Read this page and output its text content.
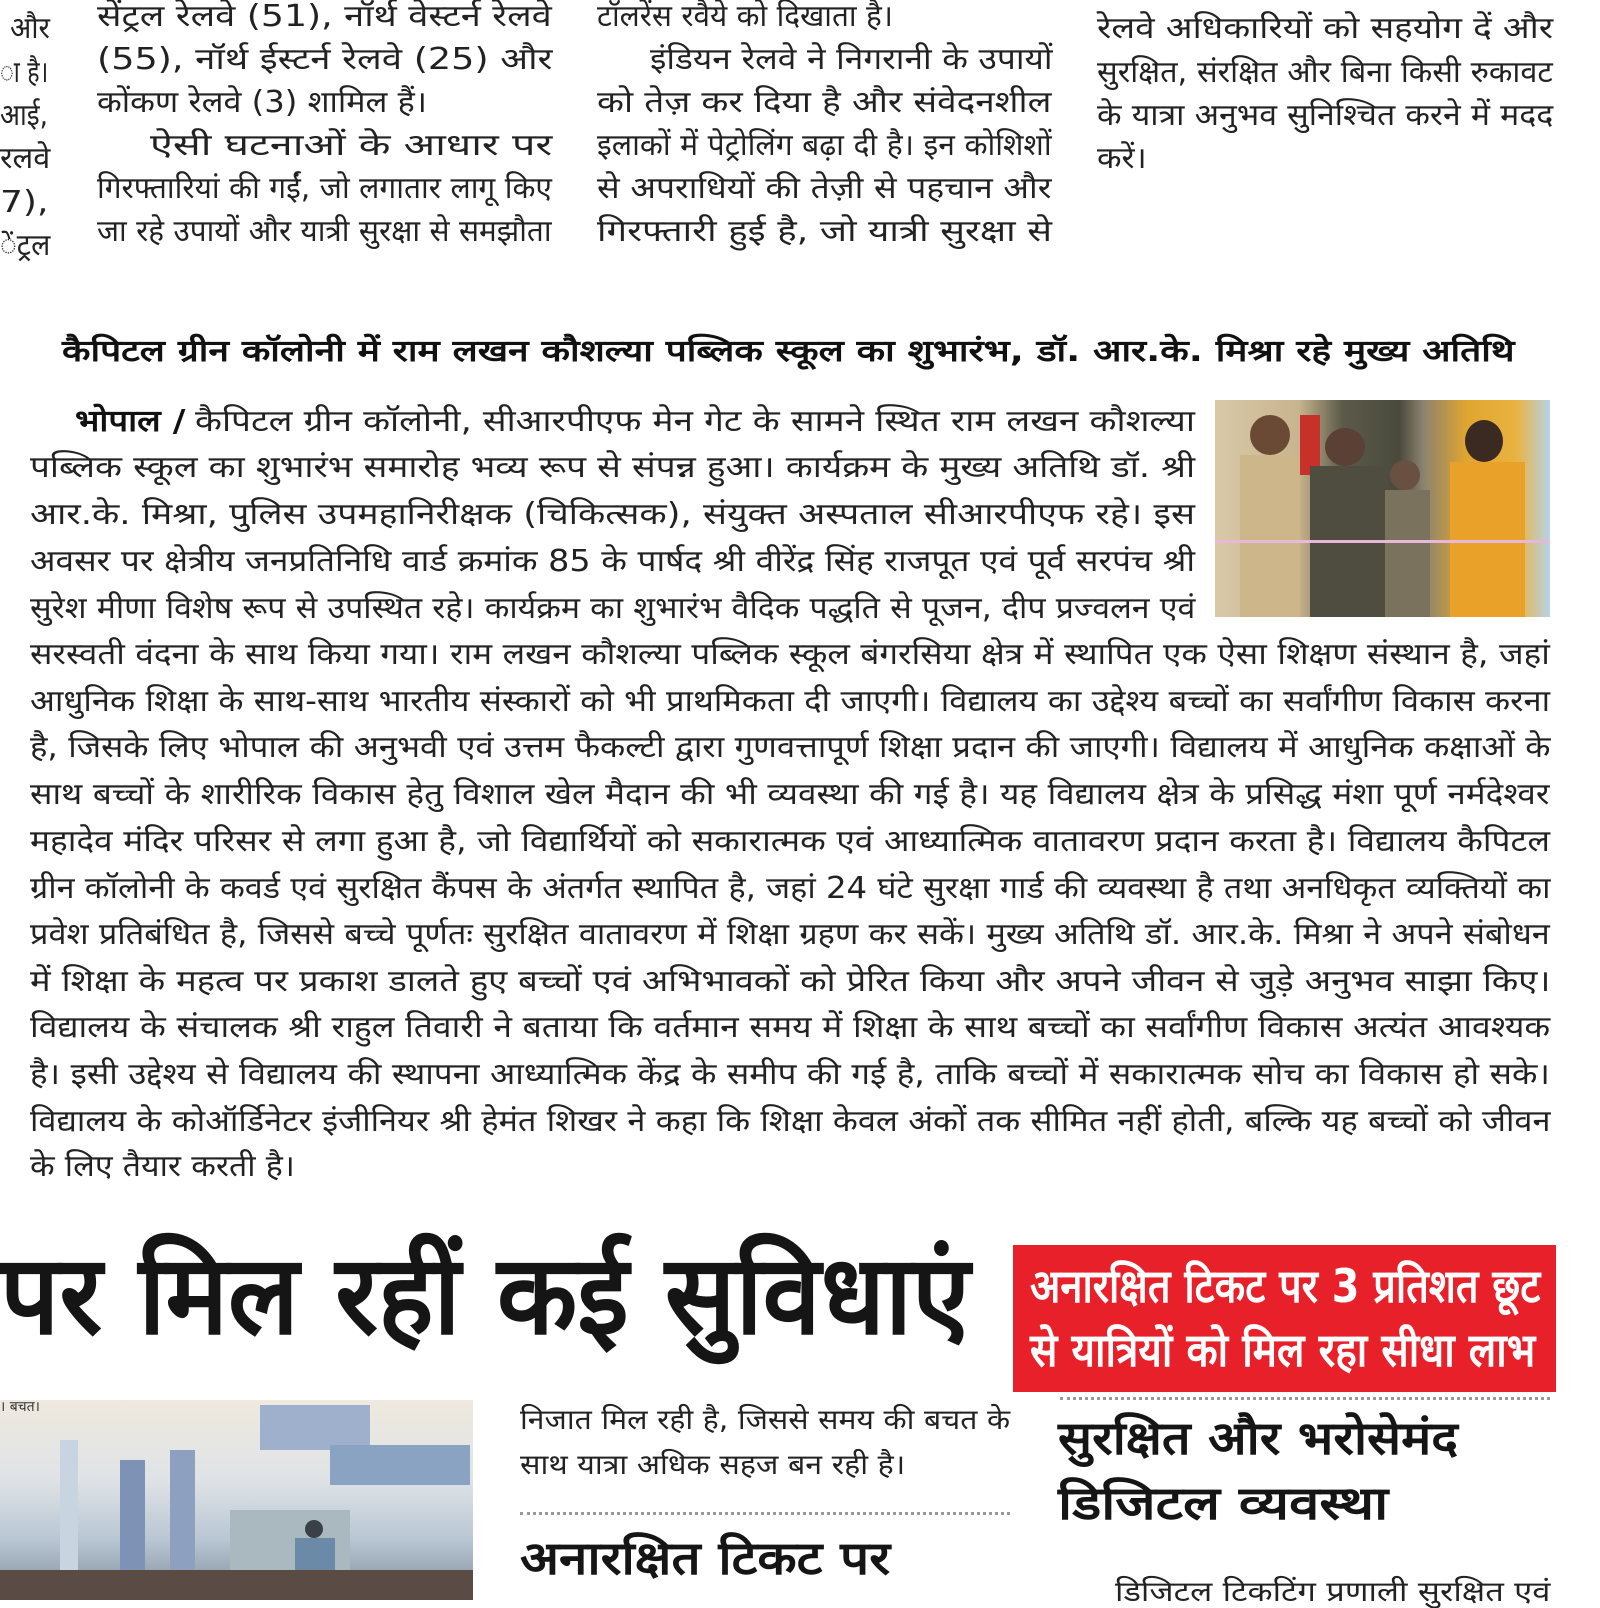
और
ा है।
आई,
रलवे
7),
ेंट्रल
सेंट्रल रेलवे (51), नॉर्थ वेस्टर्न रेलवे
(55), नॉर्थ ईस्टर्न रेलवे (25) और
कोंकण रेलवे (3) शामिल हैं।
ऐसी घटनाओं के आधार पर
गिरफ्तारियां की गईं, जो लगातार लागू किए
जा रहे उपायों और यात्री सुरक्षा से समझौता
टॉलरेंस रवैये को दिखाता है।
इंडियन रेलवे ने निगरानी के उपायों
को तेज़ कर दिया है और संवेदनशील
इलाकों में पेट्रोलिंग बढ़ा दी है। इन कोशिशों
से अपराधियों की तेज़ी से पहचान और
गिरफ्तारी हुई है, जो यात्री सुरक्षा से
रेलवे अधिकारियों को सहयोग दें और
सुरक्षित, संरक्षित और बिना किसी रुकावट
के यात्रा अनुभव सुनिश्चित करने में मदद
करें।
कैपिटल ग्रीन कॉलोनी में राम लखन कौशल्या पब्लिक स्कूल का शुभारंभ, डॉ. आर.के. मिश्रा रहे मुख्य अतिथि
भोपाल / कैपिटल ग्रीन कॉलोनी, सीआरपीएफ मेन गेट के सामने स्थित राम लखन कौशल्या
पब्लिक स्कूल का शुभारंभ समारोह भव्य रूप से संपन्न हुआ। कार्यक्रम के मुख्य अतिथि डॉ. श्री
आर.के. मिश्रा, पुलिस उपमहानिरीक्षक (चिकित्सक), संयुक्त अस्पताल सीआरपीएफ रहे। इस
अवसर पर क्षेत्रीय जनप्रतिनिधि वार्ड क्रमांक 85 के पार्षद श्री वीरेंद्र सिंह राजपूत एवं पूर्व सरपंच श्री
सुरेश मीणा विशेष रूप से उपस्थित रहे। कार्यक्रम का शुभारंभ वैदिक पद्धति से पूजन, दीप प्रज्वलन एवं
सरस्वती वंदना के साथ किया गया। राम लखन कौशल्या पब्लिक स्कूल बंगरसिया क्षेत्र में स्थापित एक ऐसा शिक्षण संस्थान है, जहां
आधुनिक शिक्षा के साथ-साथ भारतीय संस्कारों को भी प्राथमिकता दी जाएगी। विद्यालय का उद्देश्य बच्चों का सर्वांगीण विकास करना
है, जिसके लिए भोपाल की अनुभवी एवं उत्तम फैकल्टी द्वारा गुणवत्तापूर्ण शिक्षा प्रदान की जाएगी। विद्यालय में आधुनिक कक्षाओं के
साथ बच्चों के शारीरिक विकास हेतु विशाल खेल मैदान की भी व्यवस्था की गई है। यह विद्यालय क्षेत्र के प्रसिद्ध मंशा पूर्ण नर्मदेश्वर
महादेव मंदिर परिसर से लगा हुआ है, जो विद्यार्थियों को सकारात्मक एवं आध्यात्मिक वातावरण प्रदान करता है। विद्यालय कैपिटल
ग्रीन कॉलोनी के कवर्ड एवं सुरक्षित कैंपस के अंतर्गत स्थापित है, जहां 24 घंटे सुरक्षा गार्ड की व्यवस्था है तथा अनधिकृत व्यक्तियों का
प्रवेश प्रतिबंधित है, जिससे बच्चे पूर्णतः सुरक्षित वातावरण में शिक्षा ग्रहण कर सकें। मुख्य अतिथि डॉ. आर.के. मिश्रा ने अपने संबोधन
में शिक्षा के महत्व पर प्रकाश डालते हुए बच्चों एवं अभिभावकों को प्रेरित किया और अपने जीवन से जुड़े अनुभव साझा किए।
विद्यालय के संचालक श्री राहुल तिवारी ने बताया कि वर्तमान समय में शिक्षा के साथ बच्चों का सर्वांगीण विकास अत्यंत आवश्यक
है। इसी उद्देश्य से विद्यालय की स्थापना आध्यात्मिक केंद्र के समीप की गई है, ताकि बच्चों में सकारात्मक सोच का विकास हो सके।
विद्यालय के कोऑर्डिनेटर इंजीनियर श्री हेमंत शिखर ने कहा कि शिक्षा केवल अंकों तक सीमित नहीं होती, बल्कि यह बच्चों को जीवन
के लिए तैयार करती है।
पर मिल रहीं कई सुविधाएं अनारक्षित टिकट पर 3 प्रतिशत छूट
से यात्रियों को मिल रहा सीधा लाभ
। बचत।	निजात मिल रही है, जिससे समय की बचत के
साथ यात्रा अधिक सहज बन रही है।
अनारक्षित टिकट पर
सुरक्षित और भरोसेमंद
डिजिटल व्यवस्था
डिजिटल टिकटिंग प्रणाली सुरक्षित एवं
